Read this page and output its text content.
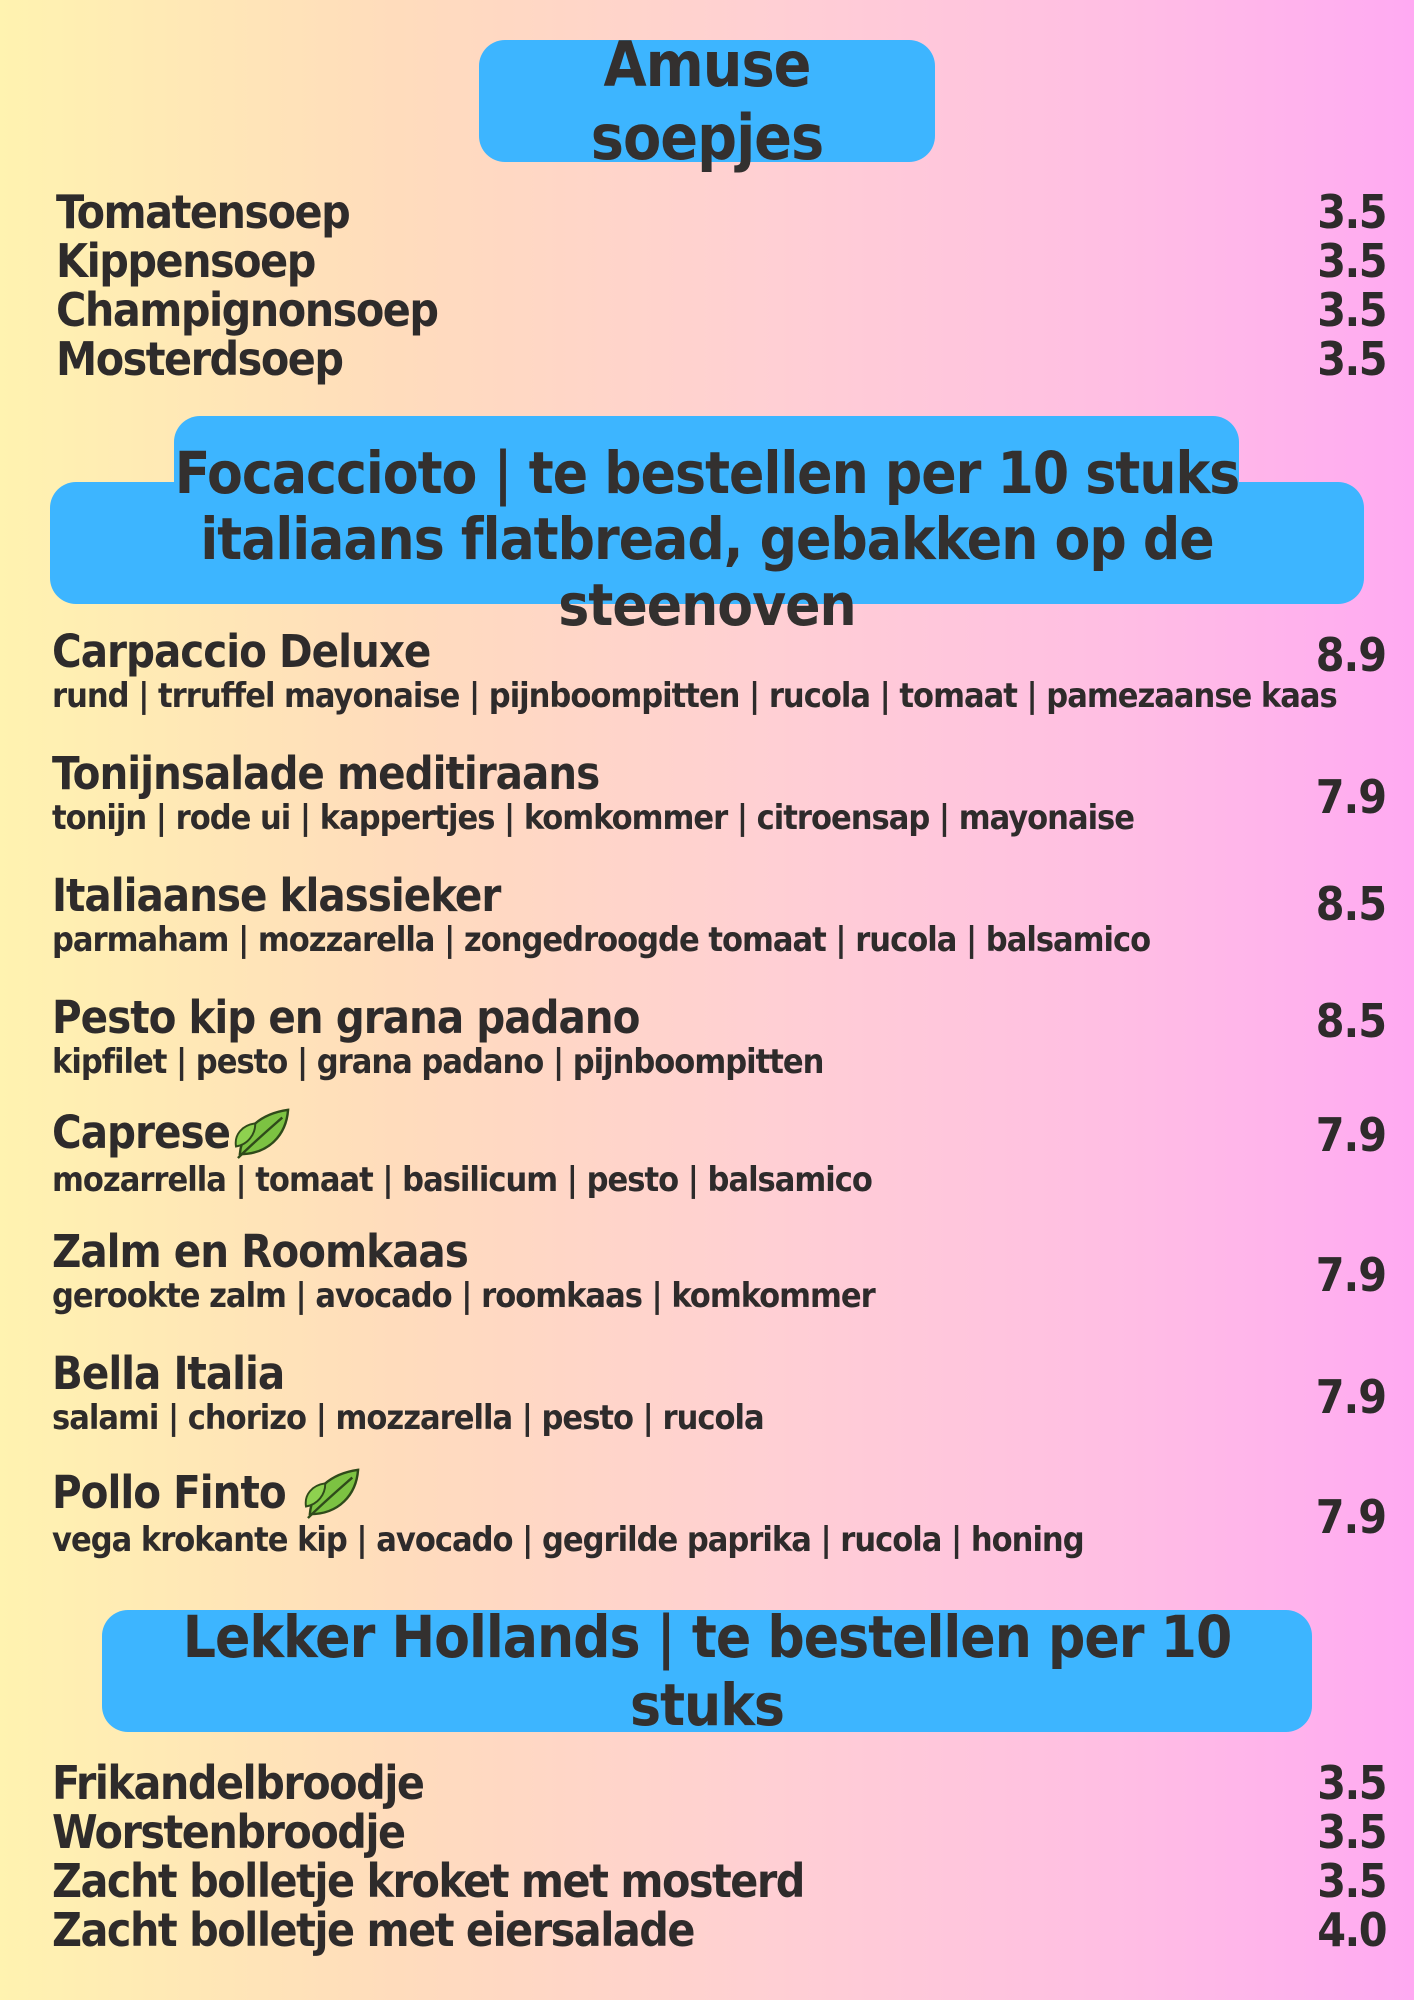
Amuse soepjes
Tomatensoep	3.5
Kippensoep	3.5
Champignonsoep	3.5
Mosterdsoep	3.5
Focaccioto | te bestellen per 10 stuks
italiaans flatbread, gebakken op de steenoven
Carpaccio Deluxe
rund | trruffel mayonaise | pijnboompitten | rucola | tomaat | pamezaanse kaas
8.9
Tonijnsalade meditiraans
tonijn | rode ui | kappertjes | komkommer | citroensap | mayonaise	7.9
Italiaanse klassieker
parmaham | mozzarella | zongedroogde tomaat | rucola | balsamico
8.5
Pesto kip en grana padano
kipfilet | pesto | grana padano | pijnboompitten
8.5
Caprese
mozarrella | tomaat | basilicum | pesto | balsamico
7.9
Zalm en Roomkaas
gerookte zalm | avocado | roomkaas | komkommer	7.9
Bella Italia
salami | chorizo | mozzarella | pesto | rucola	7.9
Pollo Finto
vega krokante kip | avocado | gegrilde paprika | rucola | honing	7.9
Lekker Hollands | te bestellen per 10 stuks
Frikandelbroodje	3.5
Worstenbroodje	3.5
Zacht bolletje kroket met mosterd	3.5
Zacht bolletje met eiersalade	4.0
